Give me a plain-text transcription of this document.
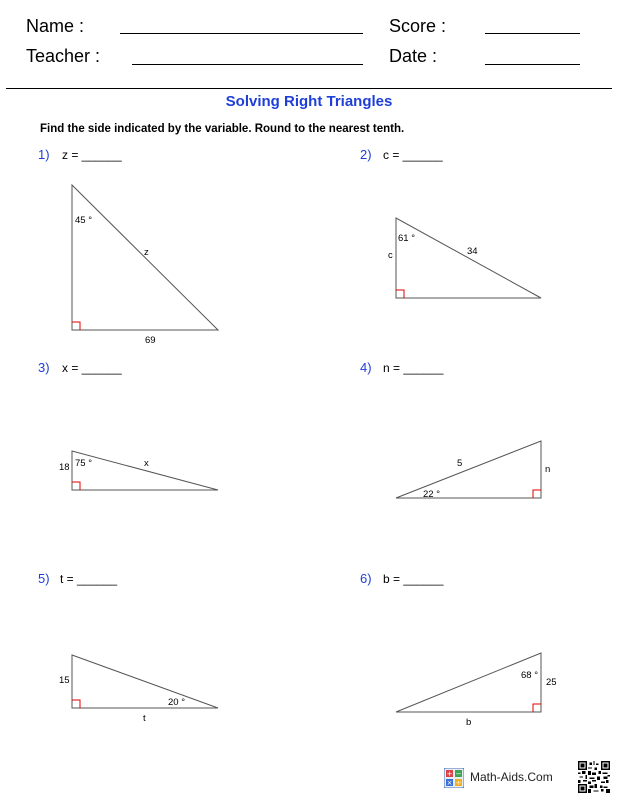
Name :	Score :
Teacher :	Date :
Solving Right Triangles
Find the side indicated by the variable. Round to the nearest tenth.
1) z = ______	2) c = ______
3) x = ______	4) n = ______
5) t = ______	6) b = ______
45 °
z
69
61 °
34
c
75 °	x
18
22 °
5
n
20 °
15
t
68 °
25
b
+ −
× ÷ Math-Aids.Com
